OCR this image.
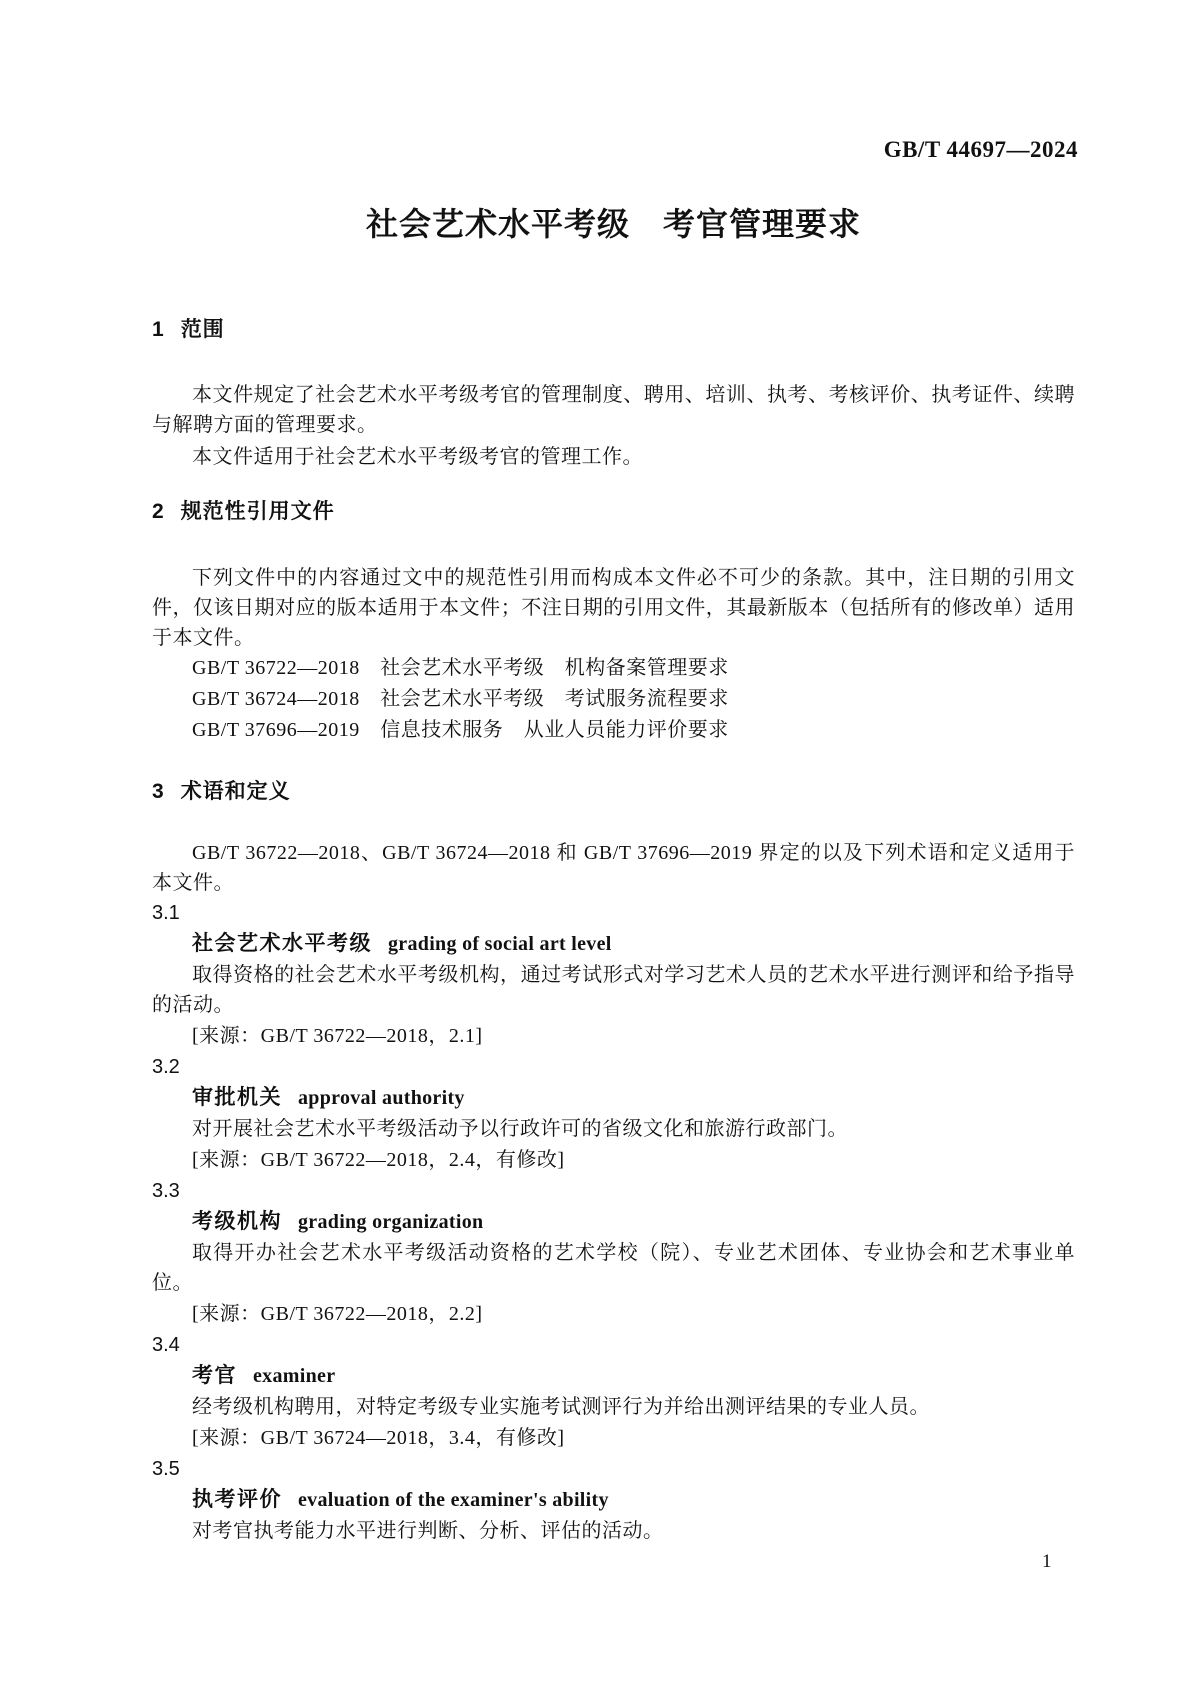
GB/T 44697—2024
社会艺术水平考级　考官管理要求
1 范围

本文件规定了社会艺术水平考级考官的管理制度、聘用、培训、执考、考核评价、执考证件、续聘与解聘方面的管理要求。

本文件适用于社会艺术水平考级考官的管理工作。

2 规范性引用文件

下列文件中的内容通过文中的规范性引用而构成本文件必不可少的条款。其中，注日期的引用文件，仅该日期对应的版本适用于本文件；不注日期的引用文件，其最新版本（包括所有的修改单）适用于本文件。

GB/T 36722—2018　社会艺术水平考级　机构备案管理要求
GB/T 36724—2018　社会艺术水平考级　考试服务流程要求
GB/T 37696—2019　信息技术服务　从业人员能力评价要求
3 术语和定义

GB/T 36722—2018、GB/T 36724—2018 和 GB/T 37696—2019 界定的以及下列术语和定义适用于本文件。

3.1
社会艺术水平考级 grading of social art level

取得资格的社会艺术水平考级机构，通过考试形式对学习艺术人员的艺术水平进行测评和给予指导的活动。

[来源：GB/T 36722—2018，2.1]
3.2
审批机关 approval authority

对开展社会艺术水平考级活动予以行政许可的省级文化和旅游行政部门。

[来源：GB/T 36722—2018，2.4，有修改]
3.3
考级机构 grading organization

取得开办社会艺术水平考级活动资格的艺术学校（院）、专业艺术团体、专业协会和艺术事业单位。

[来源：GB/T 36722—2018，2.2]
3.4
考官 examiner

经考级机构聘用，对特定考级专业实施考试测评行为并给出测评结果的专业人员。

[来源：GB/T 36724—2018，3.4，有修改]
3.5
执考评价 evaluation of the examiner's ability

对考官执考能力水平进行判断、分析、评估的活动。

1
